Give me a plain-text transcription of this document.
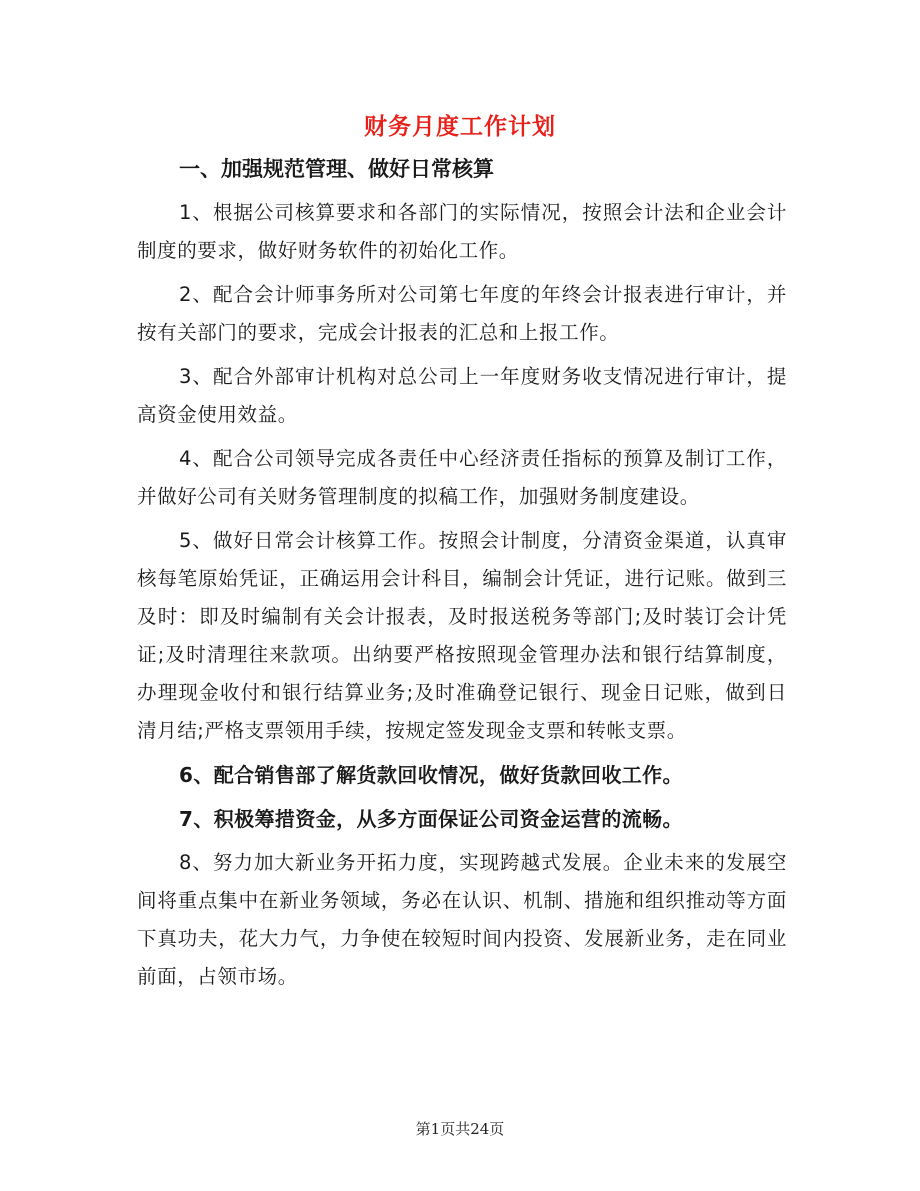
财务月度工作计划

一、加强规范管理、做好日常核算

1、根据公司核算要求和各部门的实际情况，按照会计法和企业会计制度的要求，做好财务软件的初始化工作。

2、配合会计师事务所对公司第七年度的年终会计报表进行审计，并按有关部门的要求，完成会计报表的汇总和上报工作。

3、配合外部审计机构对总公司上一年度财务收支情况进行审计，提高资金使用效益。

4、配合公司领导完成各责任中心经济责任指标的预算及制订工作，并做好公司有关财务管理制度的拟稿工作，加强财务制度建设。

5、做好日常会计核算工作。按照会计制度，分清资金渠道，认真审核每笔原始凭证，正确运用会计科目，编制会计凭证，进行记账。做到三及时：即及时编制有关会计报表，及时报送税务等部门;及时装订会计凭证;及时清理往来款项。出纳要严格按照现金管理办法和银行结算制度，办理现金收付和银行结算业务;及时准确登记银行、现金日记账，做到日清月结;严格支票领用手续，按规定签发现金支票和转帐支票。

6、配合销售部了解货款回收情况，做好货款回收工作。

7、积极筹措资金，从多方面保证公司资金运营的流畅。

8、努力加大新业务开拓力度，实现跨越式发展。企业未来的发展空间将重点集中在新业务领域，务必在认识、机制、措施和组织推动等方面下真功夫，花大力气，力争使在较短时间内投资、发展新业务，走在同业前面，占领市场。

第1页共24页
